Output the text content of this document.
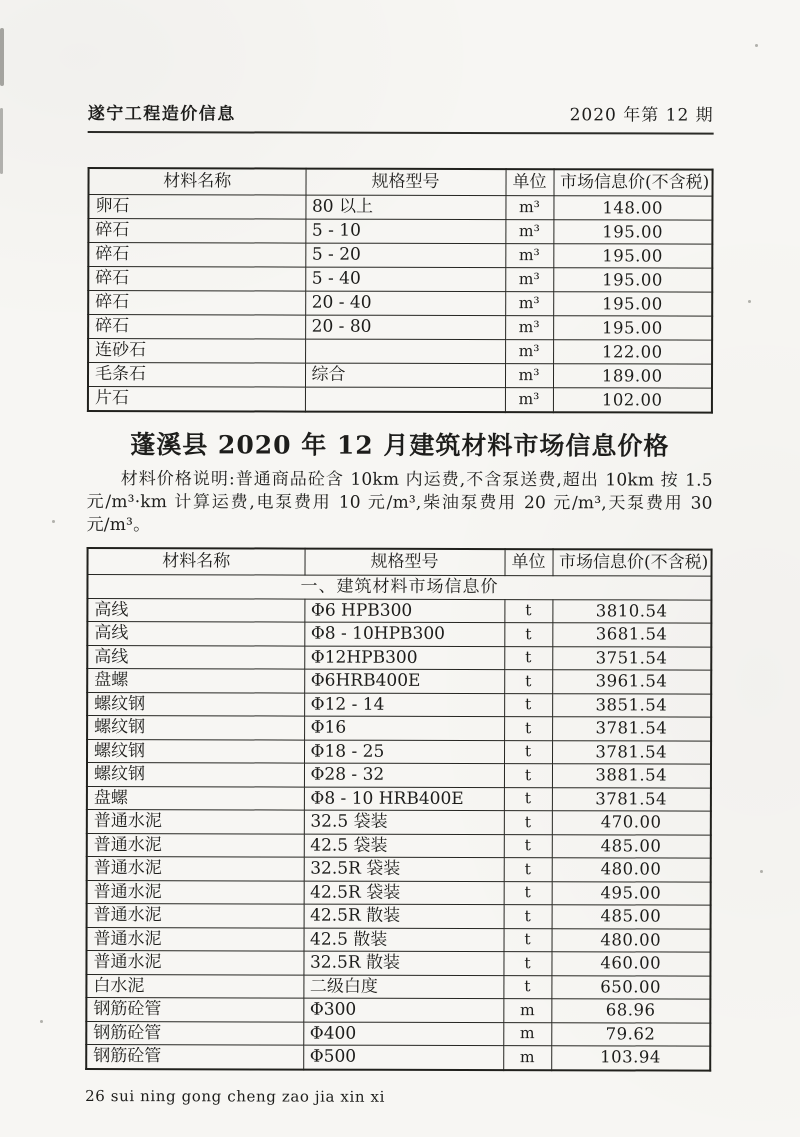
遂宁工程造价信息	2020 年第 12 期
材料名称	规格型号	单位	市场信息价(不含税)
卵石	80 以上	m³	148.00
碎石	5 - 10	m³	195.00
碎石	5 - 20	m³	195.00
碎石	5 - 40	m³	195.00
碎石	20 - 40	m³	195.00
碎石	20 - 80	m³	195.00
连砂石		m³	122.00
毛条石	综合	m³	189.00
片石		m³	102.00
蓬溪县 2020 年 12 月建筑材料市场信息价格

材料价格说明:普通商品砼含 10km 内运费,不含泵送费,超出 10km 按 1.5 元/m³·km 计算运费,电泵费用 10 元/m³,柴油泵费用 20 元/m³,天泵费用 30 元/m³。

材料名称	规格型号	单位	市场信息价(不含税)
一、建筑材料市场信息价			
高线	Φ6 HPB300	t	3810.54
高线	Φ8 - 10HPB300	t	3681.54
高线	Φ12HPB300	t	3751.54
盘螺	Φ6HRB400E	t	3961.54
螺纹钢	Φ12 - 14	t	3851.54
螺纹钢	Φ16	t	3781.54
螺纹钢	Φ18 - 25	t	3781.54
螺纹钢	Φ28 - 32	t	3881.54
盘螺	Φ8 - 10 HRB400E	t	3781.54
普通水泥	32.5 袋装	t	470.00
普通水泥	42.5 袋装	t	485.00
普通水泥	32.5R 袋装	t	480.00
普通水泥	42.5R 袋装	t	495.00
普通水泥	42.5R 散装	t	485.00
普通水泥	42.5 散装	t	480.00
普通水泥	32.5R 散装	t	460.00
白水泥	二级白度	t	650.00
钢筋砼管	Φ300	m	68.96
钢筋砼管	Φ400	m	79.62
钢筋砼管	Φ500	m	103.94
26 sui ning gong cheng zao jia xin xi
